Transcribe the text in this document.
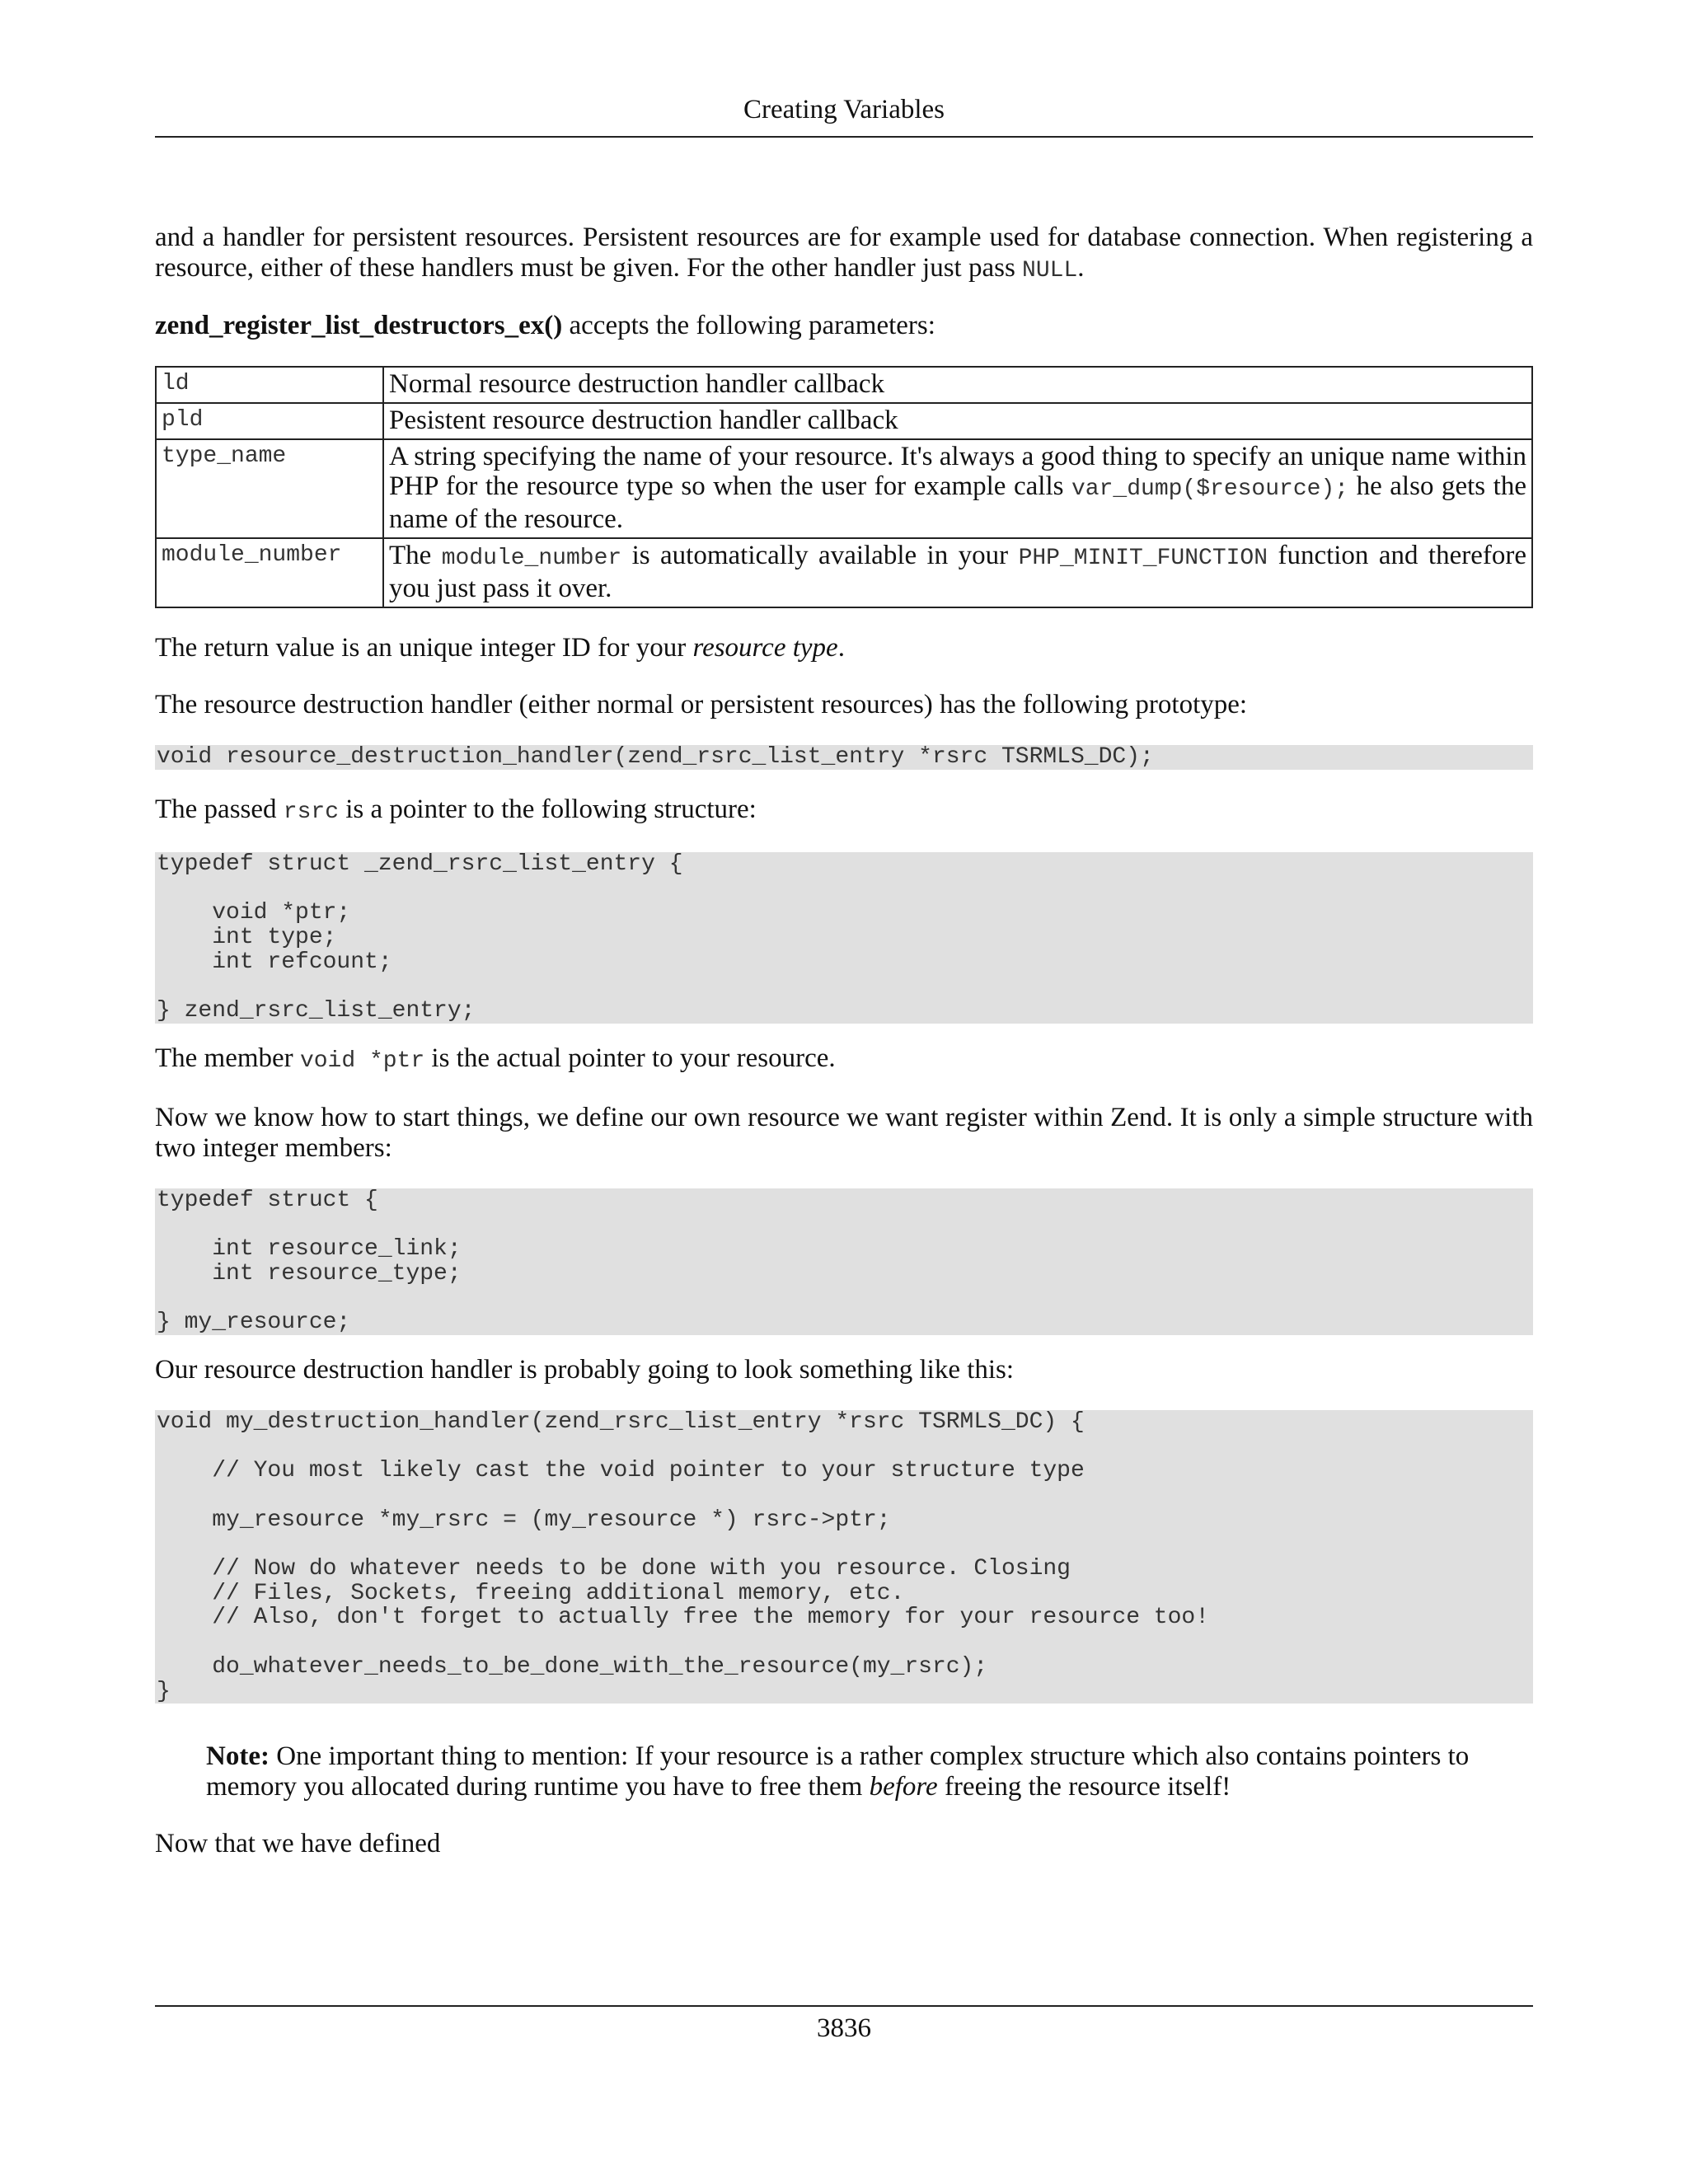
Creating Variables

and a handler for persistent resources. Persistent resources are for example used for database connection. When registering a resource, either of these handlers must be given. For the other handler just pass NULL.

zend_register_list_destructors_ex() accepts the following parameters:

ld	Normal resource destruction handler callback
pld	Pesistent resource destruction handler callback
type_name	A string specifying the name of your resource. It's always a good thing to specify an unique name within PHP for the resource type so when the user for example calls var_dump($resource); he also gets the name of the resource.
module_number	The module_number is automatically available in your PHP_MINIT_FUNCTION function and therefore you just pass it over.

The return value is an unique integer ID for your resource type.

The resource destruction handler (either normal or persistent resources) has the following prototype:

void resource_destruction_handler(zend_rsrc_list_entry *rsrc TSRMLS_DC);

The passed rsrc is a pointer to the following structure:

typedef struct _zend_rsrc_list_entry {

void *ptr;
int type;
int refcount;

} zend_rsrc_list_entry;

The member void *ptr is the actual pointer to your resource.

Now we know how to start things, we define our own resource we want register within Zend. It is only a simple structure with two integer members:

typedef struct {

int resource_link;
int resource_type;

} my_resource;

Our resource destruction handler is probably going to look something like this:

void my_destruction_handler(zend_rsrc_list_entry *rsrc TSRMLS_DC) {

// You most likely cast the void pointer to your structure type

my_resource *my_rsrc = (my_resource *) rsrc->ptr;

// Now do whatever needs to be done with you resource. Closing
// Files, Sockets, freeing additional memory, etc.
// Also, don't forget to actually free the memory for your resource too!

do_whatever_needs_to_be_done_with_the_resource(my_rsrc);
}

Note: One important thing to mention: If your resource is a rather complex structure which also contains pointers to memory you allocated during runtime you have to free them before freeing the resource itself!

Now that we have defined

3836
